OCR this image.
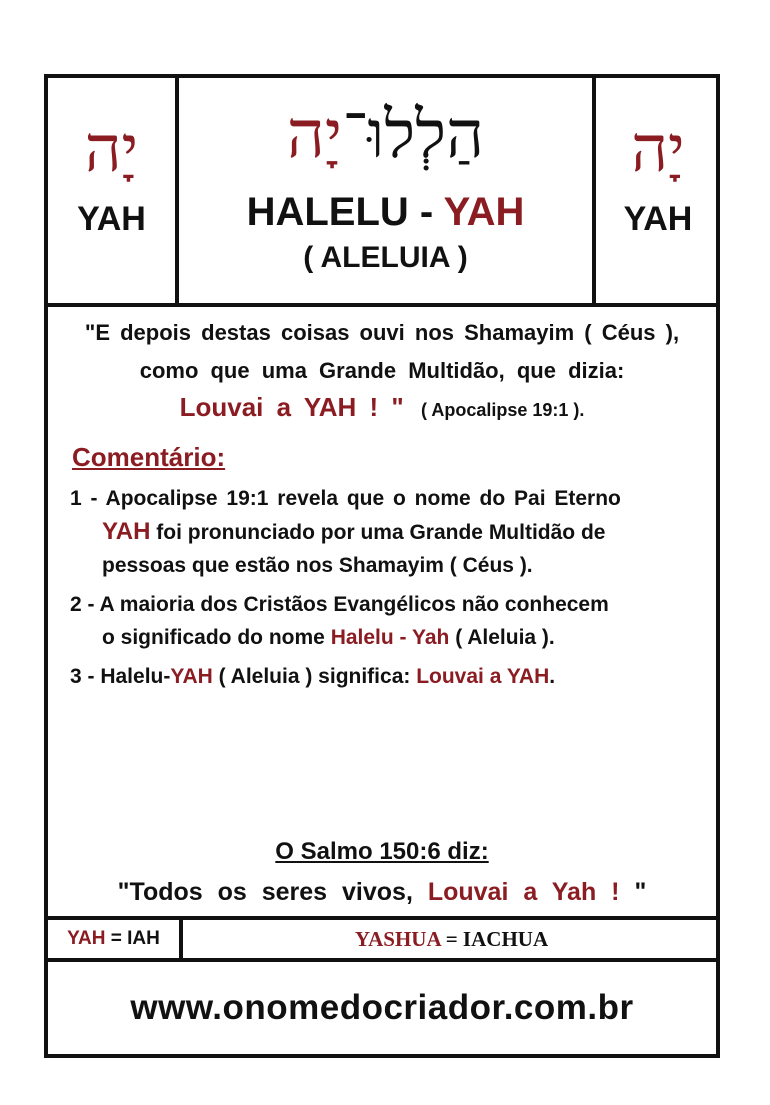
יָה
YAH
הַלְלוּ־יָה
HALELU - YAH
( ALELUIA )
יָה
YAH

"E depois destas coisas ouvi nos Shamayim ( Céus ),

como que uma Grande Multidão, que dizia:

Louvai a YAH ! " ( Apocalipse 19:1 ).

Comentário:
1 - Apocalipse 19:1 revela que o nome do Pai Eterno
YAH foi pronunciado por uma Grande Multidão de
pessoas que estão nos Shamayim ( Céus ).
2 - A maioria dos Cristãos Evangélicos não conhecem
o significado do nome Halelu - Yah ( Aleluia ).
3 - Halelu-YAH ( Aleluia ) significa: Louvai a YAH.

O Salmo 150:6 diz:

"Todos os seres vivos, Louvai a Yah ! "

YAH = IAH	YASHUA = IACHUA
www.onomedocriador.com.br
